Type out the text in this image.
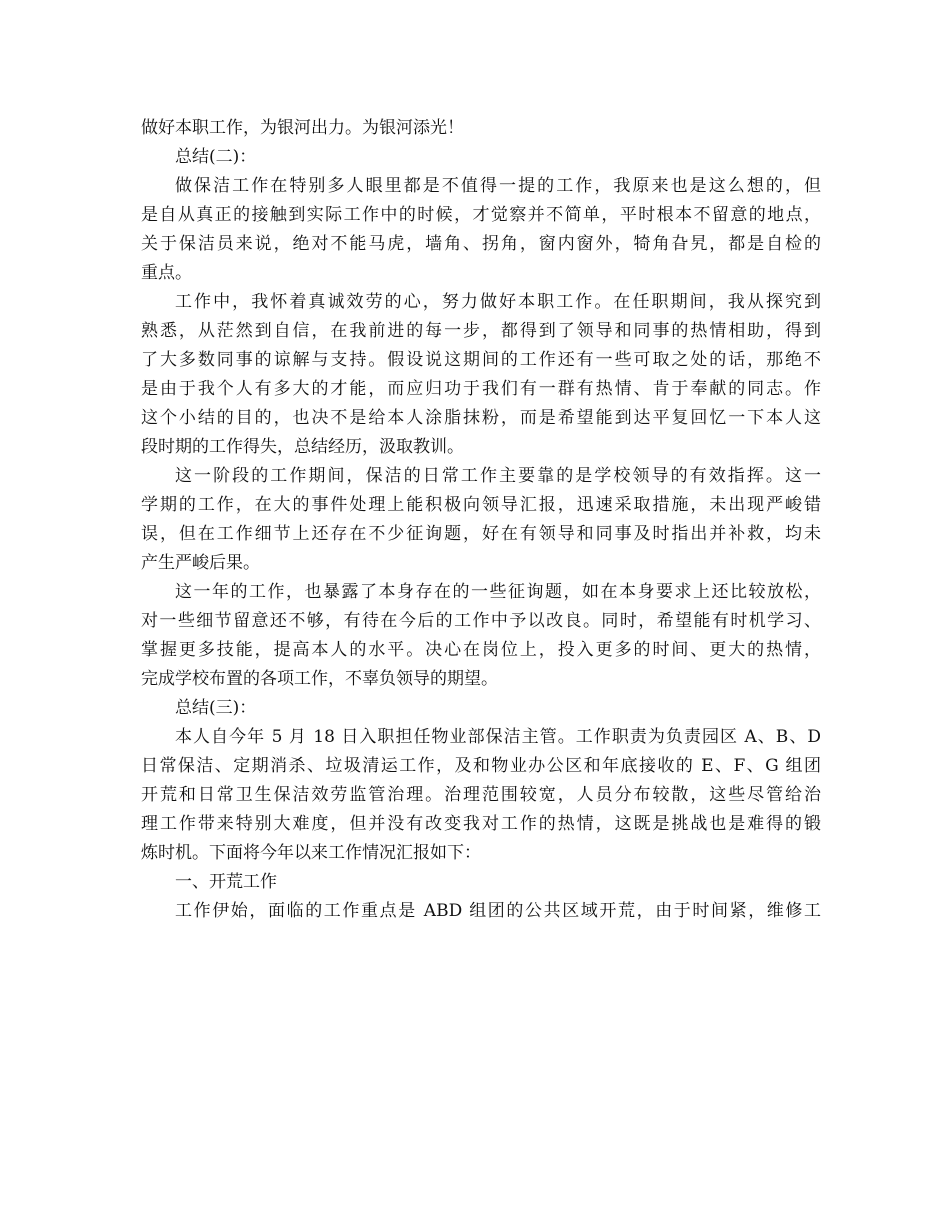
做好本职工作，为银河出力。为银河添光！
总结(二)：
做保洁工作在特别多人眼里都是不值得一提的工作，我原来也是这么想的，但
是自从真正的接触到实际工作中的时候，才觉察并不简单，平时根本不留意的地点，
关于保洁员来说，绝对不能马虎，墙角、拐角，窗内窗外，犄角旮旯，都是自检的
重点。
工作中，我怀着真诚效劳的心，努力做好本职工作。在任职期间，我从探究到
熟悉，从茫然到自信，在我前进的每一步，都得到了领导和同事的热情相助，得到
了大多数同事的谅解与支持。假设说这期间的工作还有一些可取之处的话，那绝不
是由于我个人有多大的才能，而应归功于我们有一群有热情、肯于奉献的同志。作
这个小结的目的，也决不是给本人涂脂抹粉，而是希望能到达平复回忆一下本人这
段时期的工作得失，总结经历，汲取教训。
这一阶段的工作期间，保洁的日常工作主要靠的是学校领导的有效指挥。这一
学期的工作，在大的事件处理上能积极向领导汇报，迅速采取措施，未出现严峻错
误，但在工作细节上还存在不少征询题，好在有领导和同事及时指出并补救，均未
产生严峻后果。
这一年的工作，也暴露了本身存在的一些征询题，如在本身要求上还比较放松，
对一些细节留意还不够，有待在今后的工作中予以改良。同时，希望能有时机学习、
掌握更多技能，提高本人的水平。决心在岗位上，投入更多的时间、更大的热情，
完成学校布置的各项工作，不辜负领导的期望。
总结(三)：
本人自今年 5 月 18 日入职担任物业部保洁主管。工作职责为负责园区 A、B、D
日常保洁、定期消杀、垃圾清运工作，及和物业办公区和年底接收的 E、F、G 组团
开荒和日常卫生保洁效劳监管治理。治理范围较宽，人员分布较散，这些尽管给治
理工作带来特别大难度，但并没有改变我对工作的热情，这既是挑战也是难得的锻
炼时机。下面将今年以来工作情况汇报如下：
一、开荒工作
工作伊始，面临的工作重点是 ABD 组团的公共区域开荒，由于时间紧，维修工
